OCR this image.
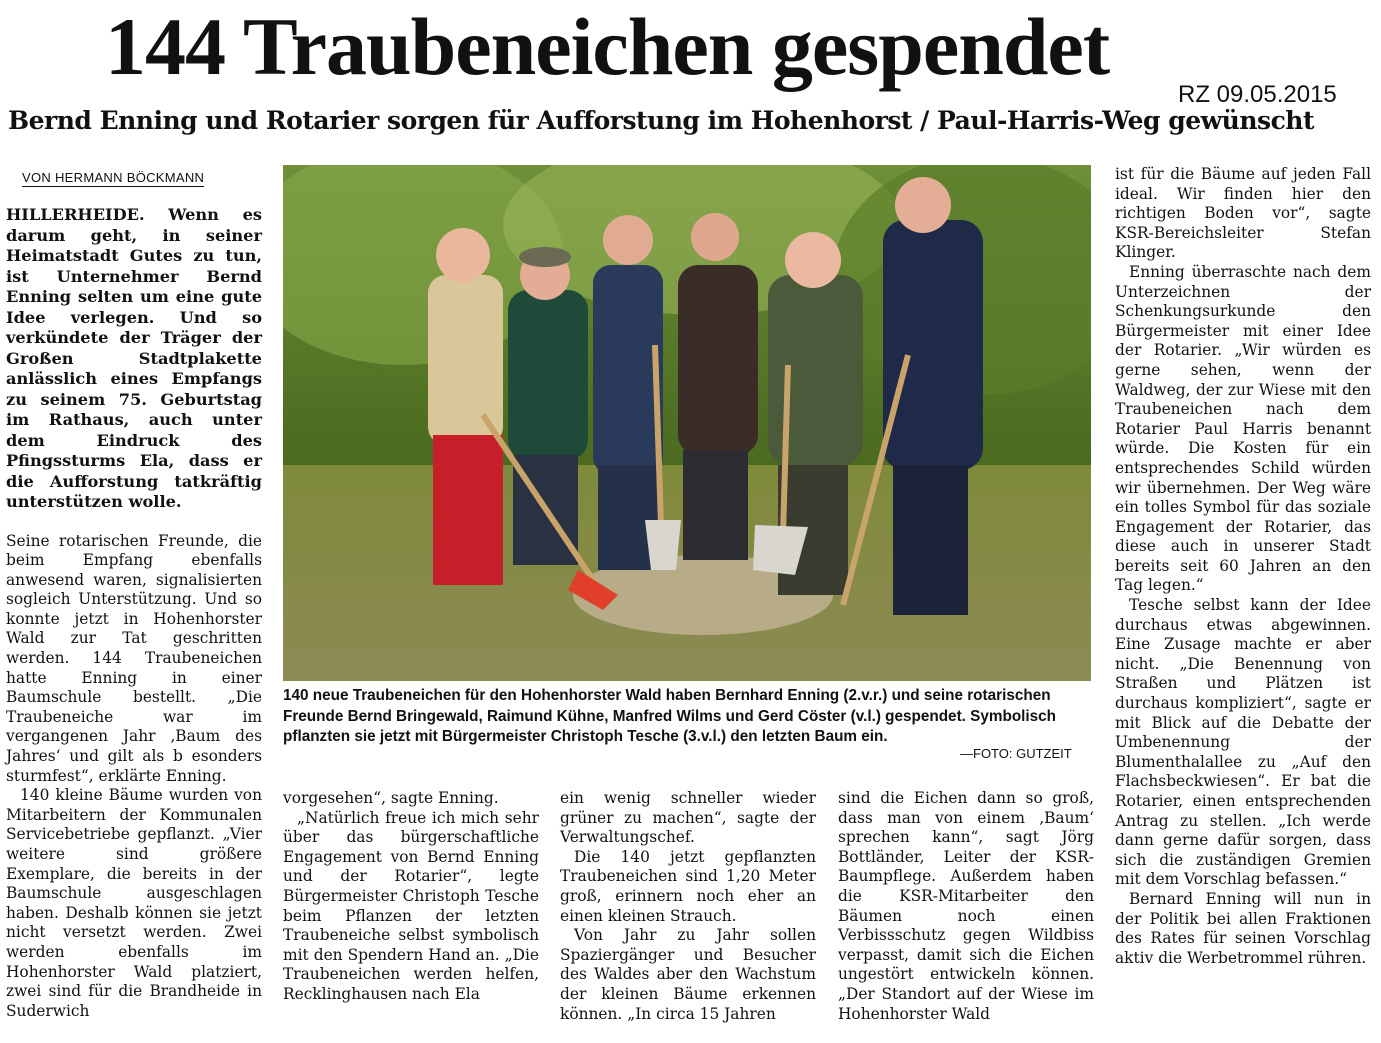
144 Traubeneichen gespendet
RZ 09.05.2015
Bernd Enning und Rotarier sorgen für Aufforstung im Hohenhorst / Paul-Harris-Weg gewünscht
VON HERMANN BÖCKMANN

HILLERHEIDE. Wenn es darum geht, in seiner Heimatstadt Gutes zu tun, ist Unternehmer Bernd Enning selten um eine gute Idee verlegen. Und so verkündete der Träger der Großen Stadtplakette anlässlich eines Empfangs zu seinem 75. Geburtstag im Rathaus, auch unter dem Eindruck des Pfingssturms Ela, dass er die Aufforstung tatkräftig unterstützen wolle.

Seine rotarischen Freunde, die beim Empfang ebenfalls anwesend waren, signalisierten sogleich Unterstützung. Und so konnte jetzt in Hohenhorster Wald zur Tat geschritten werden. 144 Traubeneichen hatte Enning in einer Baumschule bestellt. „Die Traubeneiche war im vergangenen Jahr ‚Baum des Jahres‘ und gilt als b esonders sturmfest“, erklärte Enning.

140 kleine Bäume wurden von Mitarbeitern der Kommunalen Servicebetriebe gepflanzt. „Vier weitere sind größere Exemplare, die bereits in der Baumschule ausgeschlagen haben. Deshalb können sie jetzt nicht versetzt werden. Zwei werden ebenfalls im Hohenhorster Wald platziert, zwei sind für die Brandheide in Suderwich

140 neue Traubeneichen für den Hohenhorster Wald haben Bernhard Enning (2.v.r.) und seine rotarischen Freunde Bernd Bringewald, Raimund Kühne, Manfred Wilms und Gerd Cöster (v.l.) gespendet. Symbolisch pflanzten sie jetzt mit Bürgermeister Christoph Tesche (3.v.l.) den letzten Baum ein.
—FOTO: GUTZEIT

vorgesehen“, sagte Enning.

„Natürlich freue ich mich sehr über das bürgerschaftliche Engagement von Bernd Enning und der Rotarier“, legte Bürgermeister Christoph Tesche beim Pflanzen der letzten Traubeneiche selbst symbolisch mit den Spendern Hand an. „Die Traubeneichen werden helfen, Recklinghausen nach Ela

ein wenig schneller wieder grüner zu machen“, sagte der Verwaltungschef.

Die 140 jetzt gepflanzten Traubeneichen sind 1,20 Meter groß, erinnern noch eher an einen kleinen Strauch.

Von Jahr zu Jahr sollen Spaziergänger und Besucher des Waldes aber den Wachstum der kleinen Bäume erkennen können. „In circa 15 Jahren

sind die Eichen dann so groß, dass man von einem ‚Baum‘ sprechen kann“, sagt Jörg Bottländer, Leiter der KSR-Baumpflege. Außerdem haben die KSR-Mitarbeiter den Bäumen noch einen Verbissschutz gegen Wildbiss verpasst, damit sich die Eichen ungestört entwickeln können. „Der Standort auf der Wiese im Hohenhorster Wald

ist für die Bäume auf jeden Fall ideal. Wir finden hier den richtigen Boden vor“, sagte KSR-Bereichsleiter Stefan Klinger.

Enning überraschte nach dem Unterzeichnen der Schenkungsurkunde den Bürgermeister mit einer Idee der Rotarier. „Wir würden es gerne sehen, wenn der Waldweg, der zur Wiese mit den Traubeneichen nach dem Rotarier Paul Harris benannt würde. Die Kosten für ein entsprechendes Schild würden wir übernehmen. Der Weg wäre ein tolles Symbol für das soziale Engagement der Rotarier, das diese auch in unserer Stadt bereits seit 60 Jahren an den Tag legen.“

Tesche selbst kann der Idee durchaus etwas abgewinnen. Eine Zusage machte er aber nicht. „Die Benennung von Straßen und Plätzen ist durchaus kompliziert“, sagte er mit Blick auf die Debatte der Umbenennung der Blumenthalallee zu „Auf den Flachsbeckwiesen“. Er bat die Rotarier, einen entsprechenden Antrag zu stellen. „Ich werde dann gerne dafür sorgen, dass sich die zuständigen Gremien mit dem Vorschlag befassen.“

Bernard Enning will nun in der Politik bei allen Fraktionen des Rates für seinen Vorschlag aktiv die Werbetrommel rühren.
